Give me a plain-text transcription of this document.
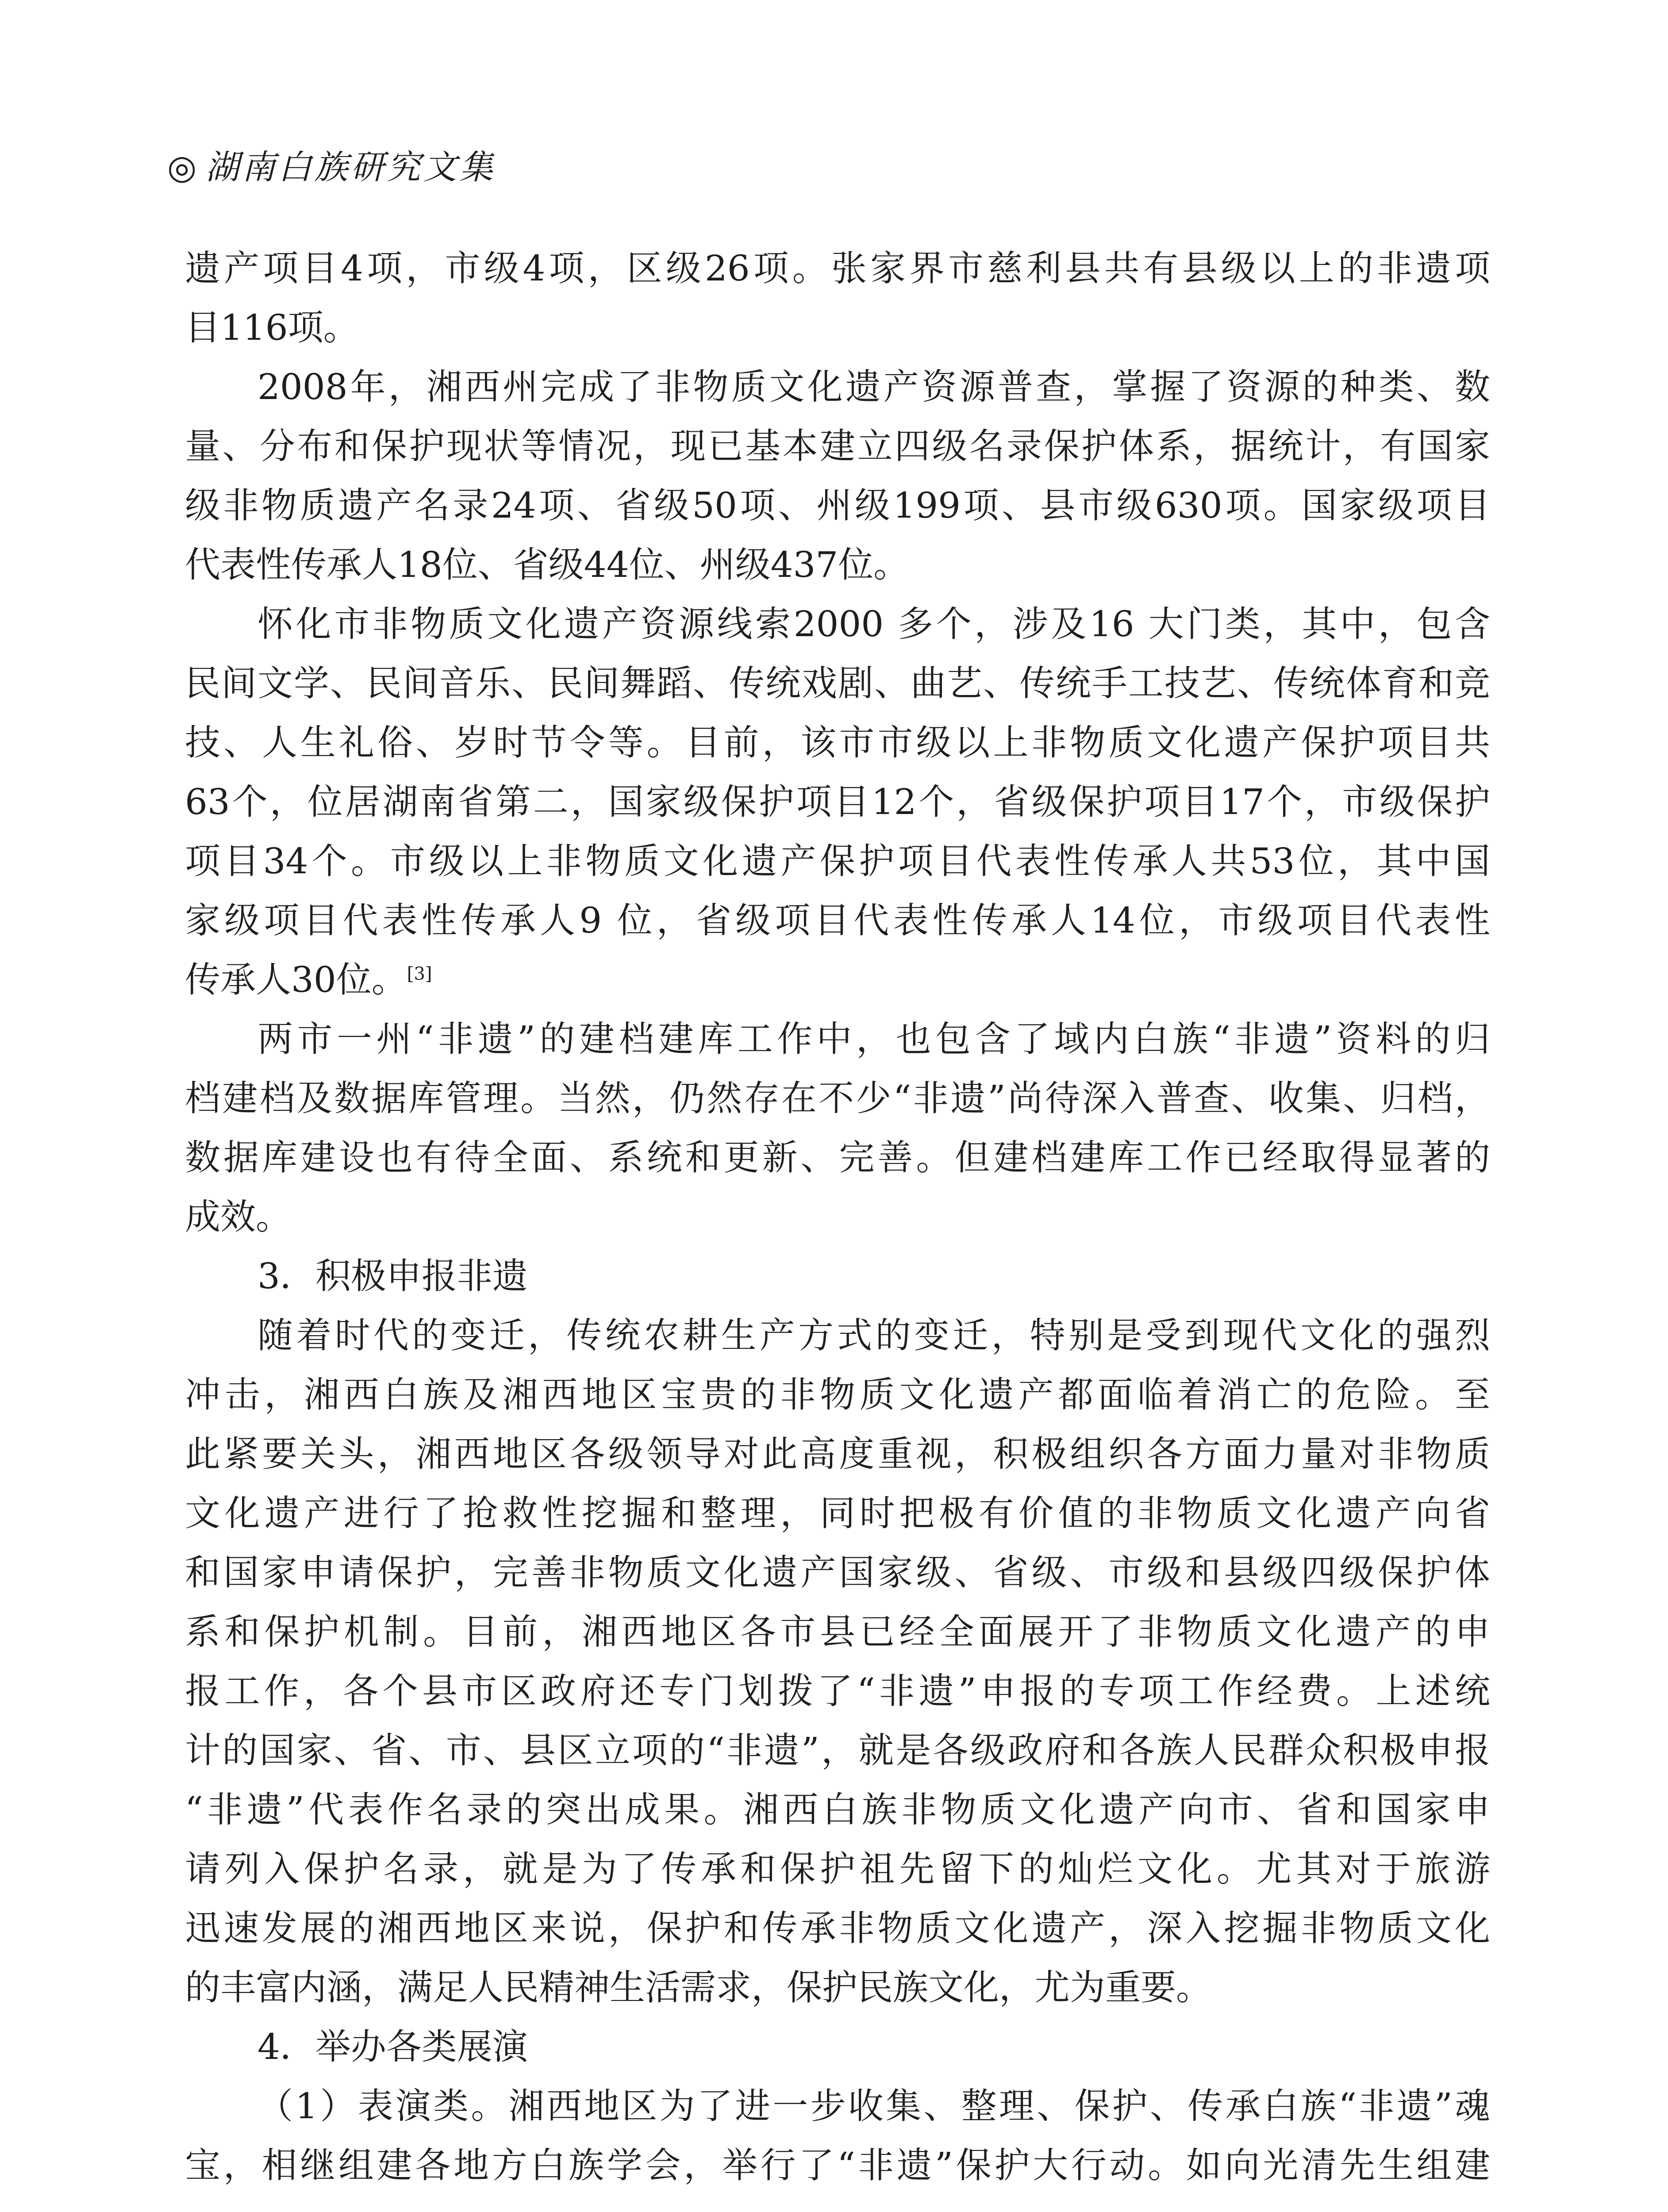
◎ 湖南白族研究文集
遗产项目4项，市级4项，区级26项。张家界市慈利县共有县级以上的非遗项
目116项。
2008年，湘西州完成了非物质文化遗产资源普查，掌握了资源的种类、数
量、分布和保护现状等情况，现已基本建立四级名录保护体系，据统计，有国家
级非物质遗产名录24项、省级50项、州级199项、县市级630项。国家级项目
代表性传承人18位、省级44位、州级437位。
怀化市非物质文化遗产资源线索2000 多个，涉及16 大门类，其中，包含
民间文学、民间音乐、民间舞蹈、传统戏剧、曲艺、传统手工技艺、传统体育和竞
技、人生礼俗、岁时节令等。目前，该市市级以上非物质文化遗产保护项目共
63个，位居湖南省第二，国家级保护项目12个，省级保护项目17个，市级保护
项目34个。市级以上非物质文化遗产保护项目代表性传承人共53位，其中国
家级项目代表性传承人9 位，省级项目代表性传承人14位，市级项目代表性
传承人30位。[3]
两市一州“非遗”的建档建库工作中，也包含了域内白族“非遗”资料的归
档建档及数据库管理。当然，仍然存在不少“非遗”尚待深入普查、收集、归档，
数据库建设也有待全面、系统和更新、完善。但建档建库工作已经取得显著的
成效。
3．积极申报非遗
随着时代的变迁，传统农耕生产方式的变迁，特别是受到现代文化的强烈
冲击，湘西白族及湘西地区宝贵的非物质文化遗产都面临着消亡的危险。至
此紧要关头，湘西地区各级领导对此高度重视，积极组织各方面力量对非物质
文化遗产进行了抢救性挖掘和整理，同时把极有价值的非物质文化遗产向省
和国家申请保护，完善非物质文化遗产国家级、省级、市级和县级四级保护体
系和保护机制。目前，湘西地区各市县已经全面展开了非物质文化遗产的申
报工作，各个县市区政府还专门划拨了“非遗”申报的专项工作经费。上述统
计的国家、省、市、县区立项的“非遗”，就是各级政府和各族人民群众积极申报
“非遗”代表作名录的突出成果。湘西白族非物质文化遗产向市、省和国家申
请列入保护名录，就是为了传承和保护祖先留下的灿烂文化。尤其对于旅游
迅速发展的湘西地区来说，保护和传承非物质文化遗产，深入挖掘非物质文化
的丰富内涵，满足人民精神生活需求，保护民族文化，尤为重要。
4．举办各类展演
（1）表演类。湘西地区为了进一步收集、整理、保护、传承白族“非遗”魂
宝，相继组建各地方白族学会，举行了“非遗”保护大行动。如向光清先生组建
